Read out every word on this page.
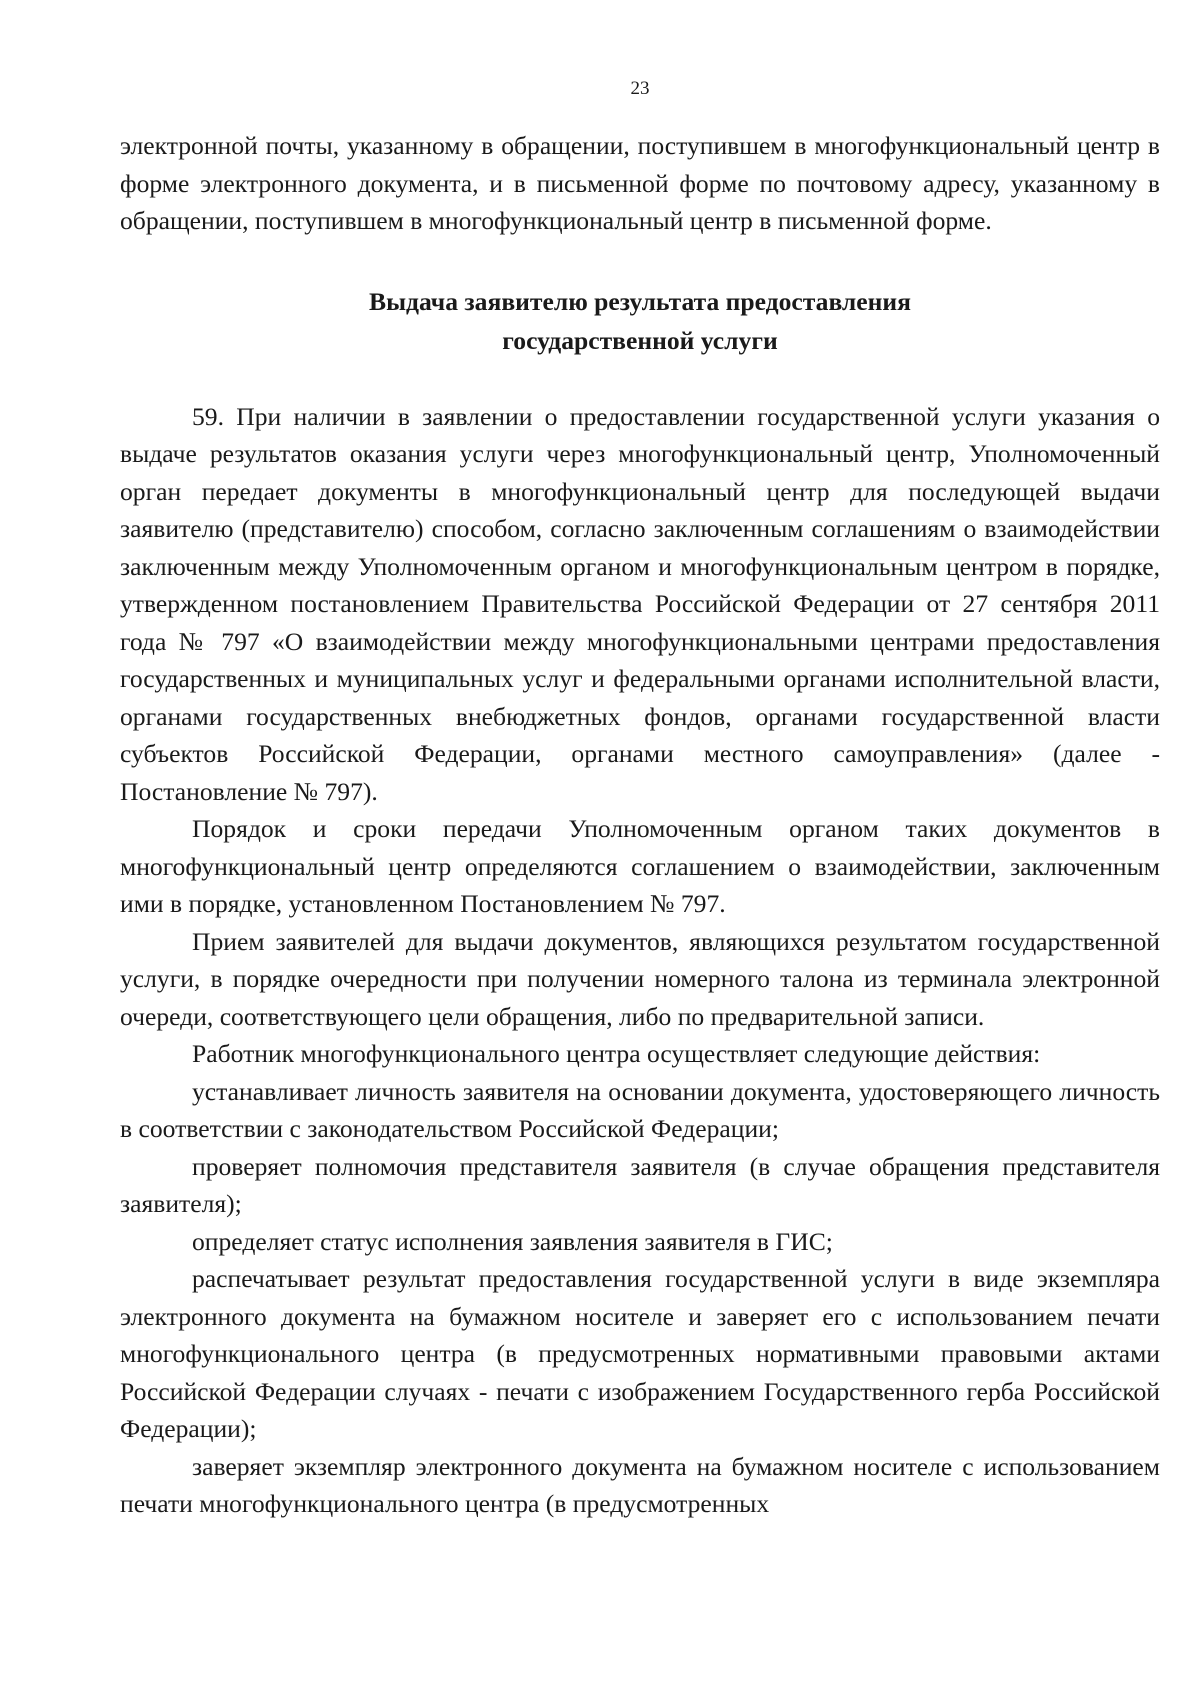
23

электронной почты, указанному в обращении, поступившем в многофункциональный центр в форме электронного документа, и в письменной форме по почтовому адресу, указанному в обращении, поступившем в многофункциональный центр в письменной форме.

Выдача заявителю результата предоставления
государственной услуги

59. При наличии в заявлении о предоставлении государственной услуги указания о выдаче результатов оказания услуги через многофункциональный центр, Уполномоченный орган передает документы в многофункциональный центр для последующей выдачи заявителю (представителю) способом, согласно заключенным соглашениям о взаимодействии заключенным между Уполномоченным органом и многофункциональным центром в порядке, утвержденном постановлением Правительства Российской Федерации от 27 сентября 2011 года № 797 «О взаимодействии между многофункциональными центрами предоставления государственных и муниципальных услуг и федеральными органами исполнительной власти, органами государственных внебюджетных фондов, органами государственной власти субъектов Российской Федерации, органами местного самоуправления» (далее - Постановление № 797).

Порядок и сроки передачи Уполномоченным органом таких документов в многофункциональный центр определяются соглашением о взаимодействии, заключенным ими в порядке, установленном Постановлением № 797.

Прием заявителей для выдачи документов, являющихся результатом государственной услуги, в порядке очередности при получении номерного талона из терминала электронной очереди, соответствующего цели обращения, либо по предварительной записи.

Работник многофункционального центра осуществляет следующие действия:

устанавливает личность заявителя на основании документа, удостоверяющего личность в соответствии с законодательством Российской Федерации;

проверяет полномочия представителя заявителя (в случае обращения представителя заявителя);

определяет статус исполнения заявления заявителя в ГИС;

распечатывает результат предоставления государственной услуги в виде экземпляра электронного документа на бумажном носителе и заверяет его с использованием печати многофункционального центра (в предусмотренных нормативными правовыми актами Российской Федерации случаях - печати с изображением Государственного герба Российской Федерации);

заверяет экземпляр электронного документа на бумажном носителе с использованием печати многофункционального центра (в предусмотренных
